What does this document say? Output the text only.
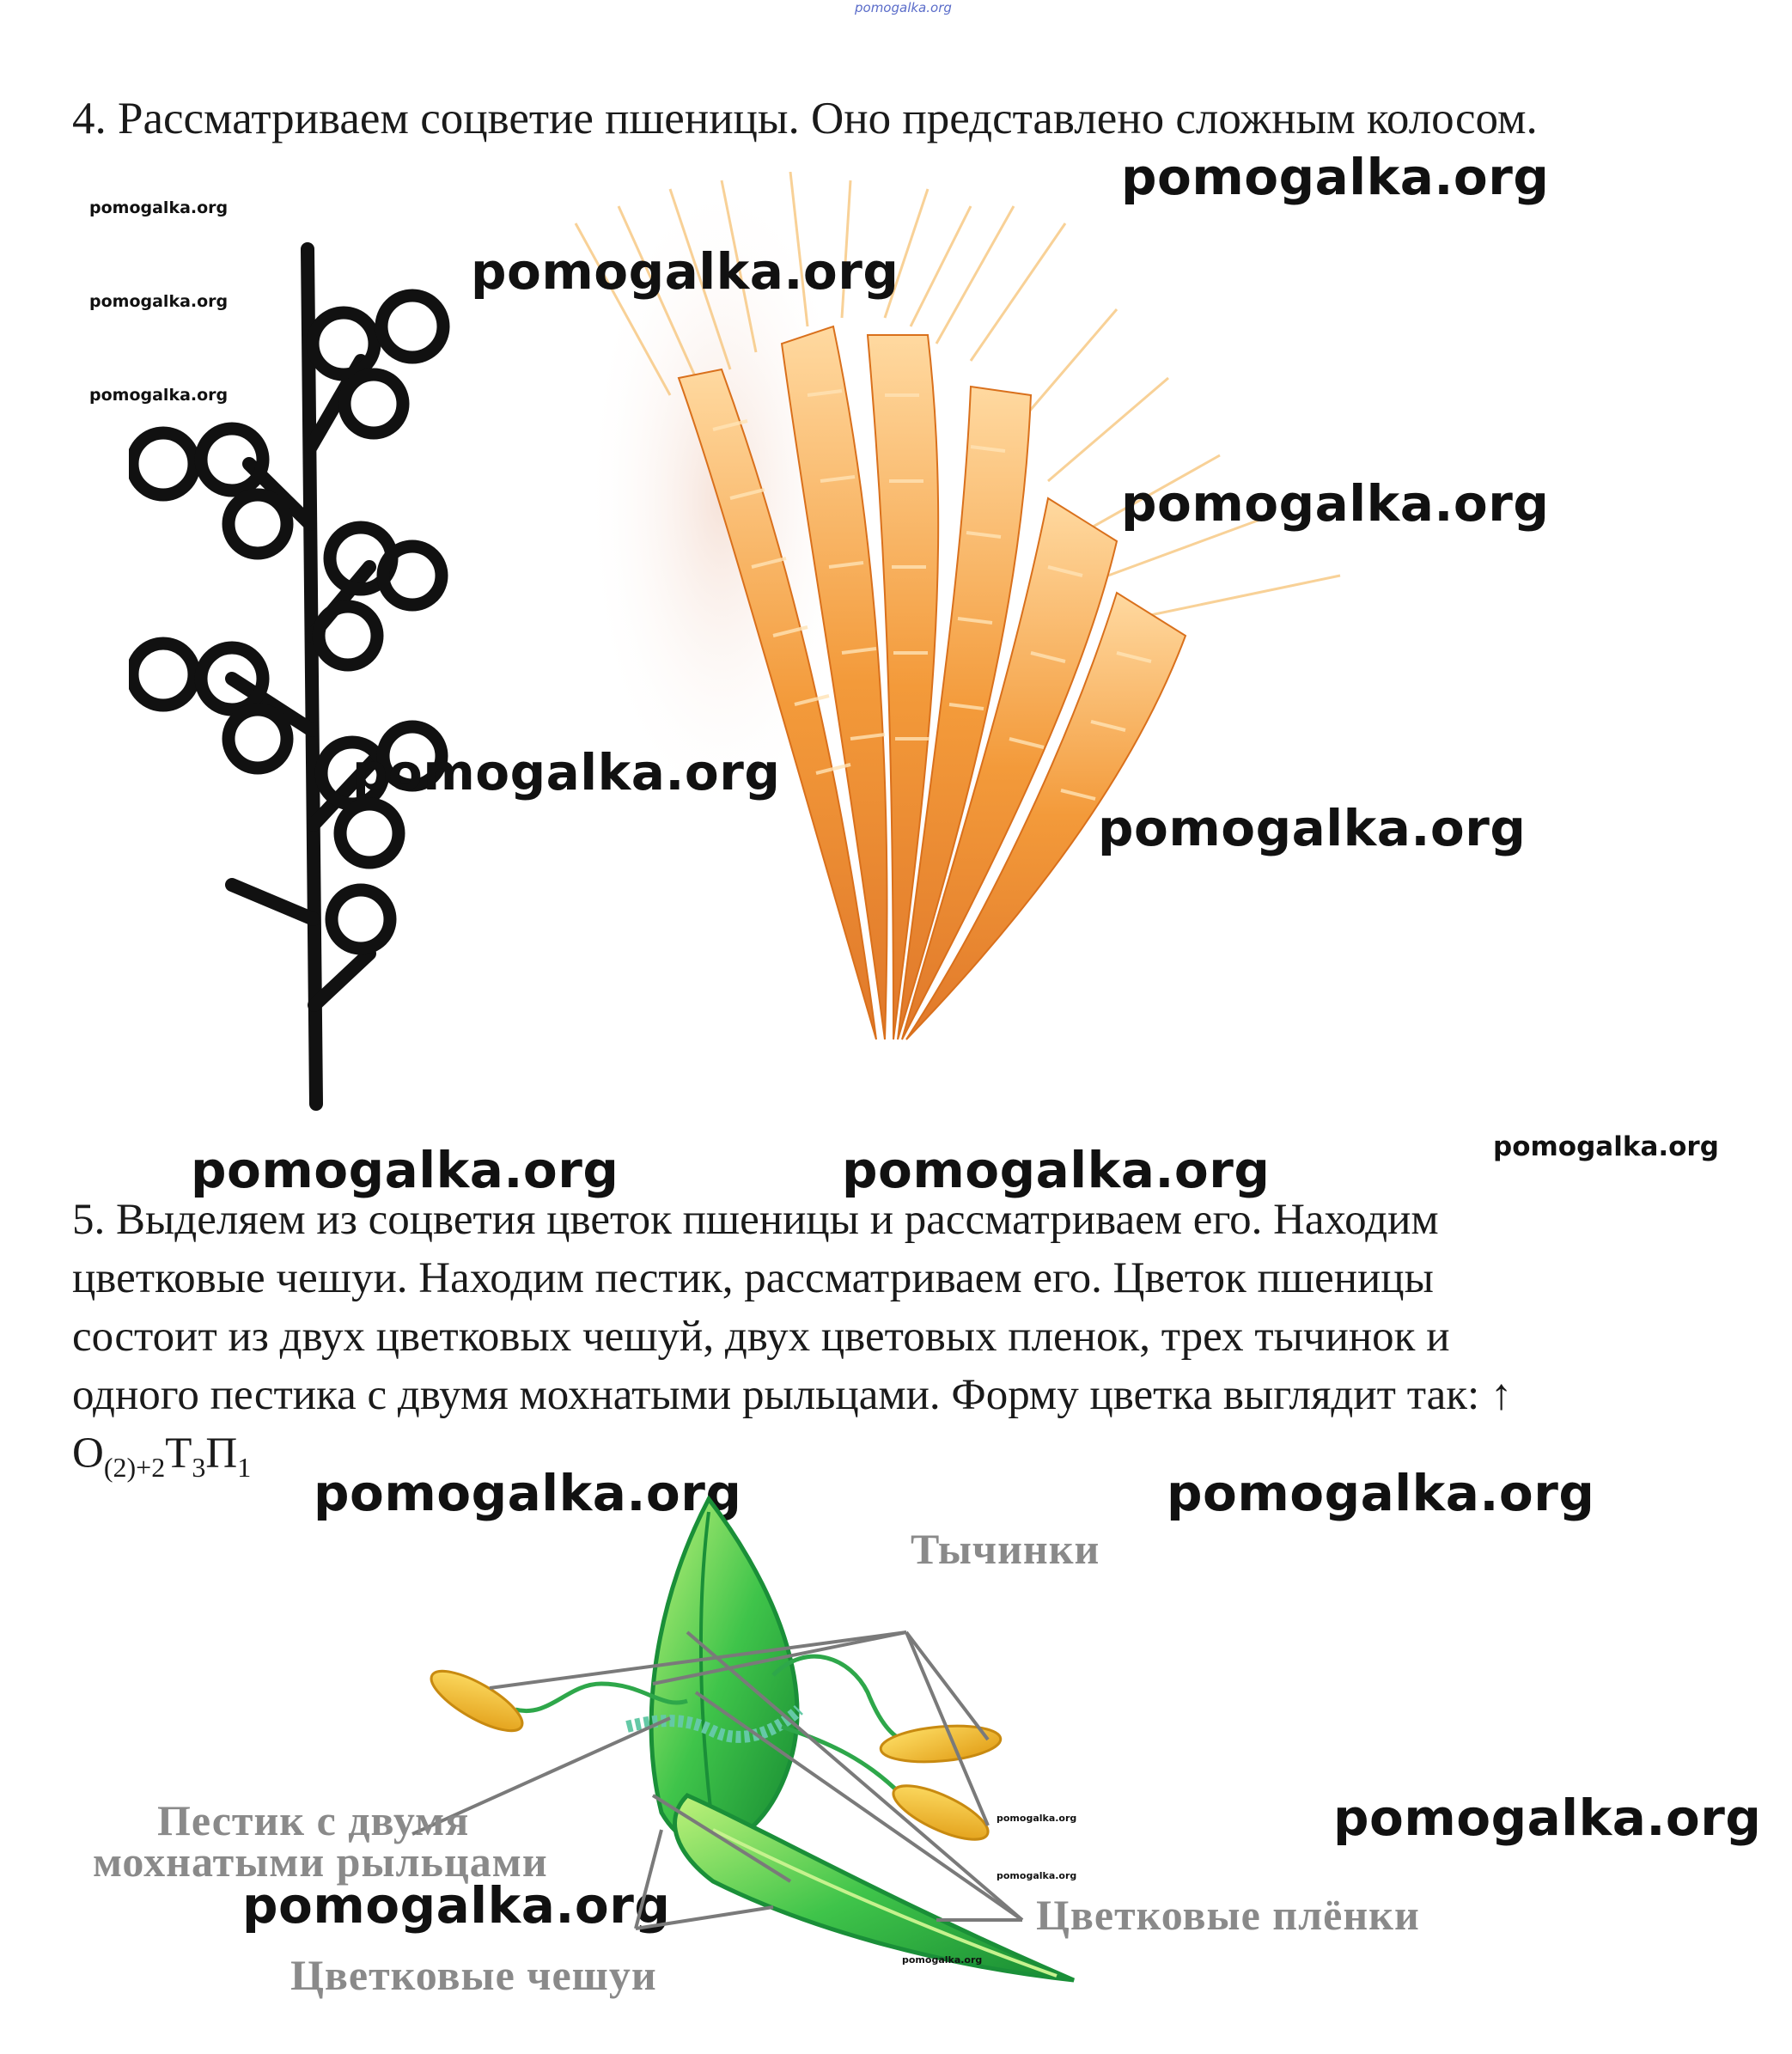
pomogalka.org
4. Рассматриваем соцветие пшеницы. Оно представлено сложным колосом.
pomogalka.org
pomogalka.org
pomogalka.org
pomogalka.org
pomogalka.org
pomogalka.org
pomogalka.org
pomogalka.org
pomogalka.org
pomogalka.org	pomogalka.org
5. Выделяем из соцветия цветок пшеницы и рассматриваем его. Находим
цветковые чешуи. Находим пестик, рассматриваем его. Цветок пшеницы
состоит из двух цветковых чешуй, двух цветовых пленок, трех тычинок и
одного пестика с двумя мохнатыми рыльцами. Форму цветка выглядит так: ↑
$О_{(2)+2}Т_3П_1$ pomogalka.org	pomogalka.org
pomogalka.org
pomogalka.org
pomogalka.org
pomogalka.org
pomogalka.org
Тычинки
Пестик с двумя
мохнатыми рыльцами
Цветковые плёнки
Цветковые чешуи
